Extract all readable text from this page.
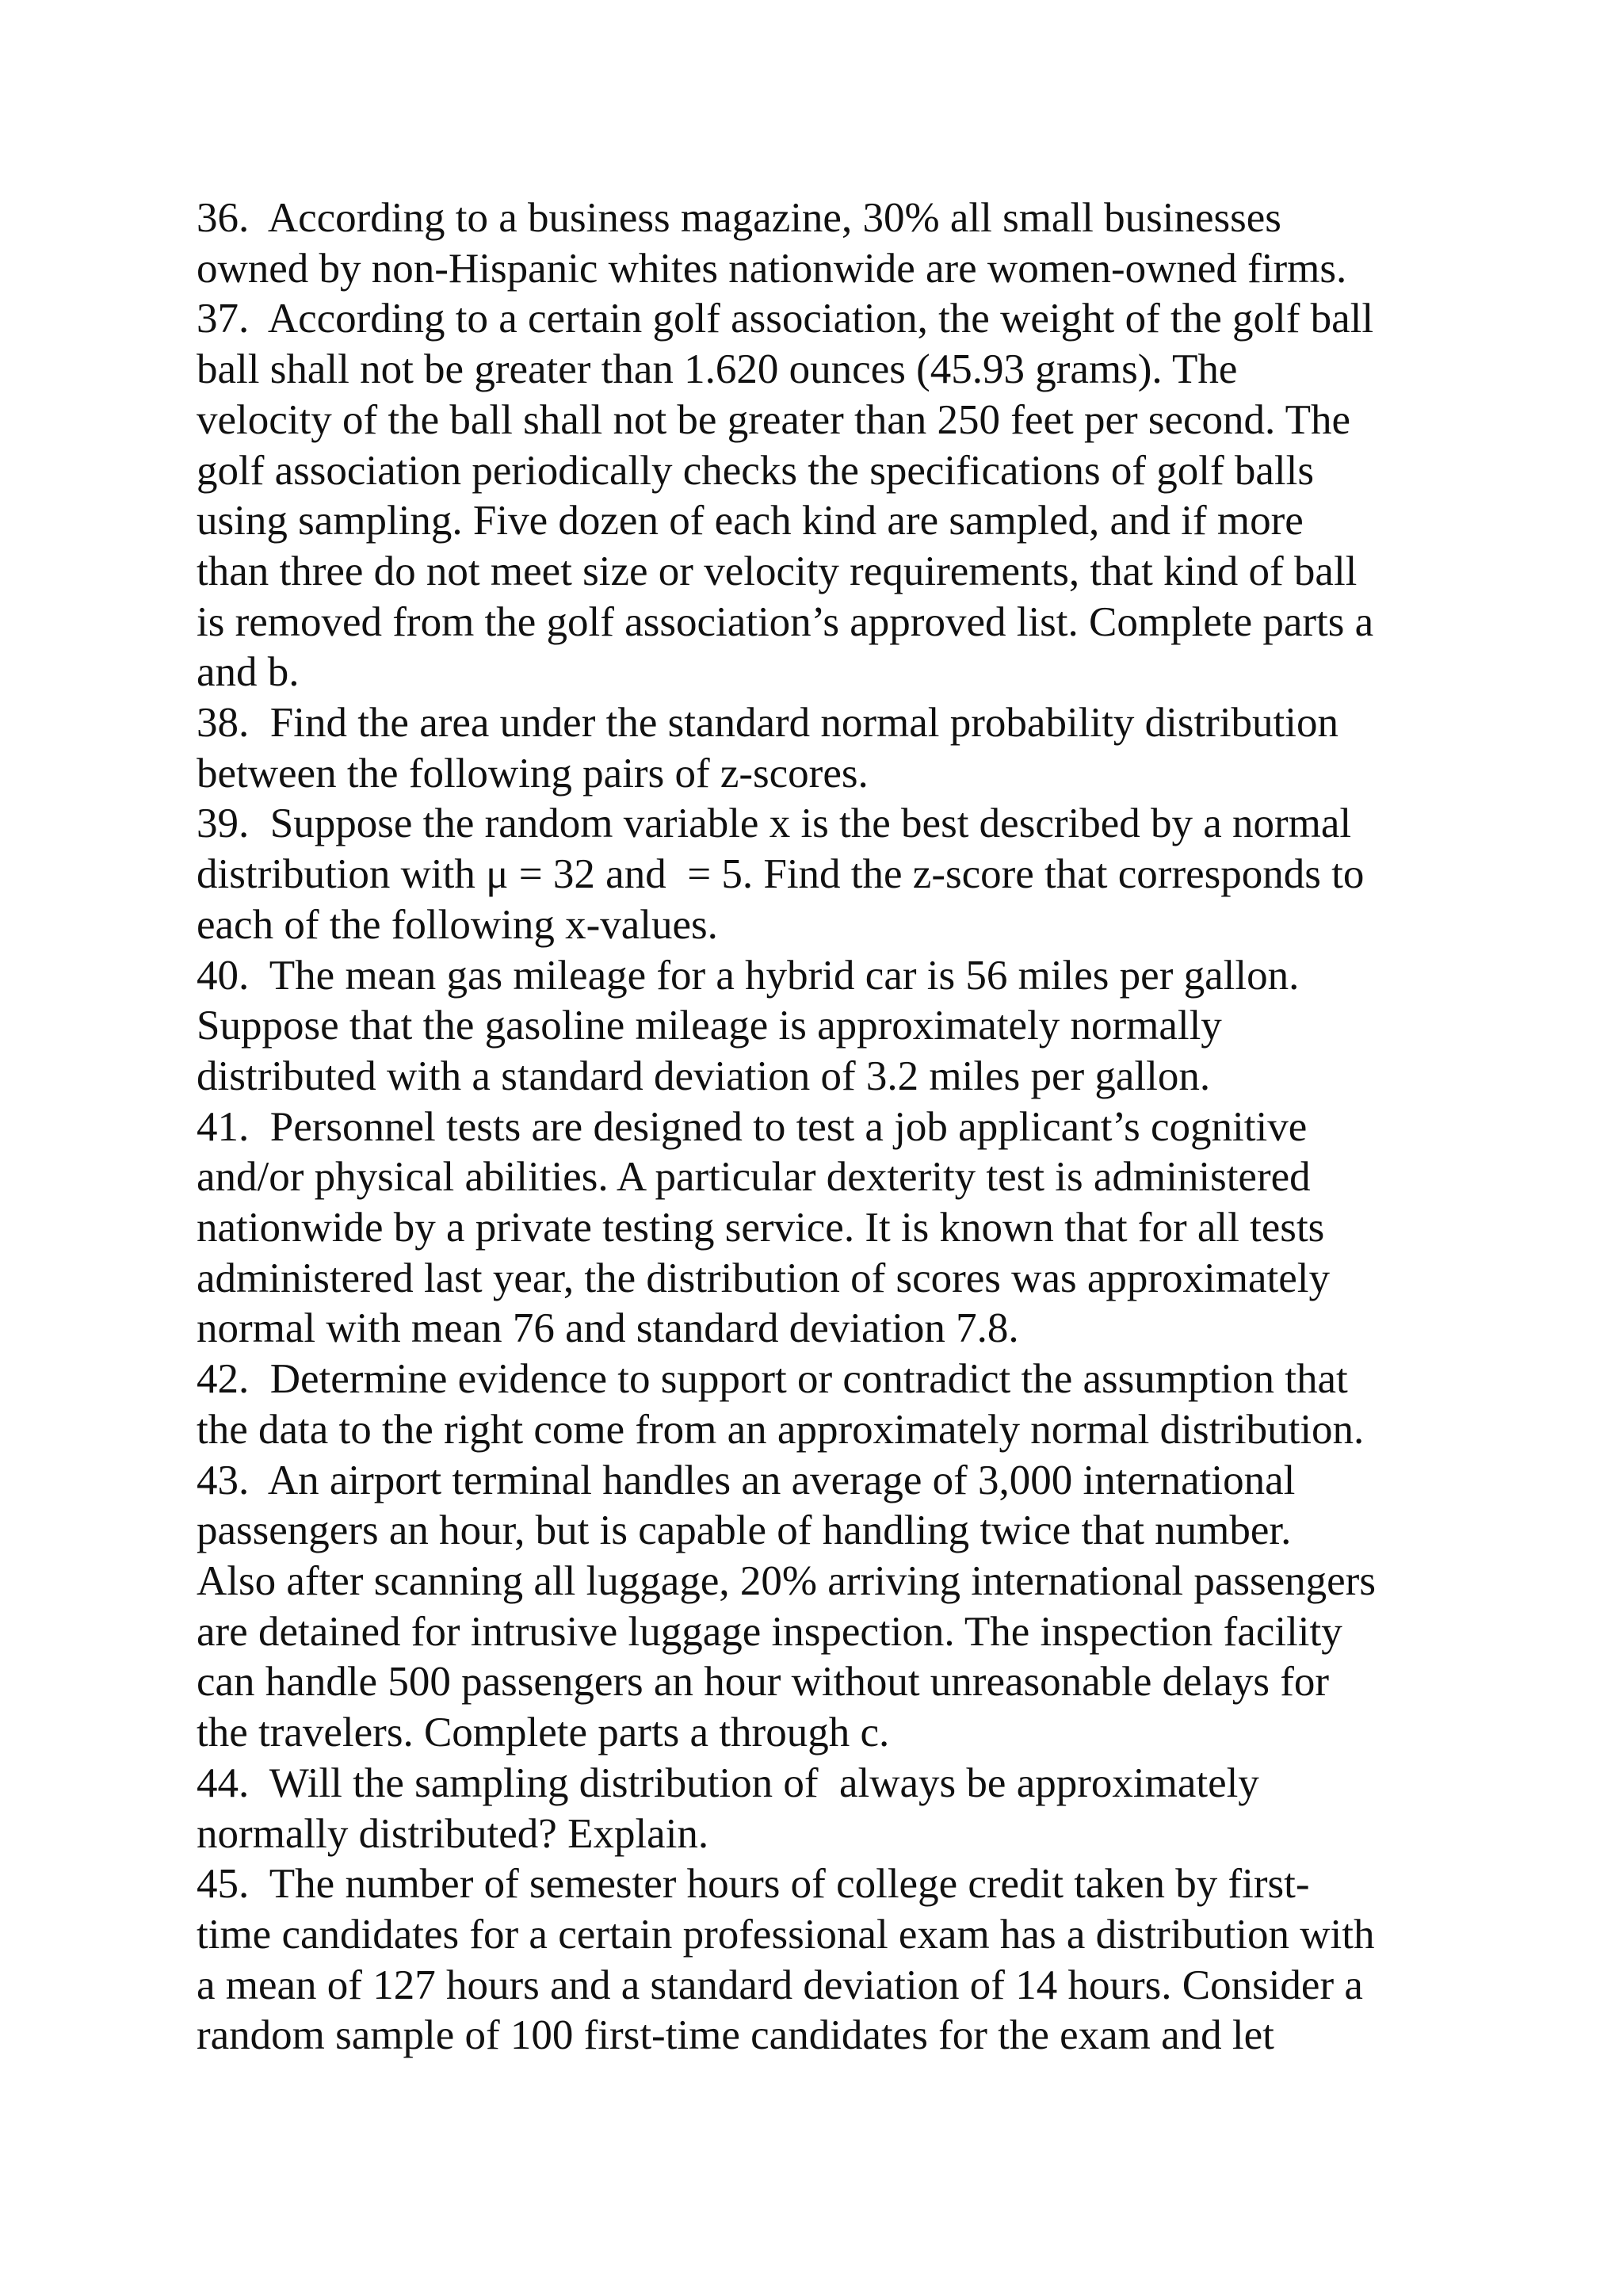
36.  According to a business magazine, 30% all small businesses
owned by non-Hispanic whites nationwide are women-owned firms.
37.  According to a certain golf association, the weight of the golf ball
ball shall not be greater than 1.620 ounces (45.93 grams). The
velocity of the ball shall not be greater than 250 feet per second. The
golf association periodically checks the specifications of golf balls
using sampling. Five dozen of each kind are sampled, and if more
than three do not meet size or velocity requirements, that kind of ball
is removed from the golf association’s approved list. Complete parts a
and b.
38.  Find the area under the standard normal probability distribution
between the following pairs of z-scores.
39.  Suppose the random variable x is the best described by a normal
distribution with μ = 32 and  = 5. Find the z-score that corresponds to
each of the following x-values.
40.  The mean gas mileage for a hybrid car is 56 miles per gallon.
Suppose that the gasoline mileage is approximately normally
distributed with a standard deviation of 3.2 miles per gallon.
41.  Personnel tests are designed to test a job applicant’s cognitive
and/or physical abilities. A particular dexterity test is administered
nationwide by a private testing service. It is known that for all tests
administered last year, the distribution of scores was approximately
normal with mean 76 and standard deviation 7.8.
42.  Determine evidence to support or contradict the assumption that
the data to the right come from an approximately normal distribution.
43.  An airport terminal handles an average of 3,000 international
passengers an hour, but is capable of handling twice that number.
Also after scanning all luggage, 20% arriving international passengers
are detained for intrusive luggage inspection. The inspection facility
can handle 500 passengers an hour without unreasonable delays for
the travelers. Complete parts a through c.
44.  Will the sampling distribution of  always be approximately
normally distributed? Explain.
45.  The number of semester hours of college credit taken by first-
time candidates for a certain professional exam has a distribution with
a mean of 127 hours and a standard deviation of 14 hours. Consider a
random sample of 100 first-time candidates for the exam and let
